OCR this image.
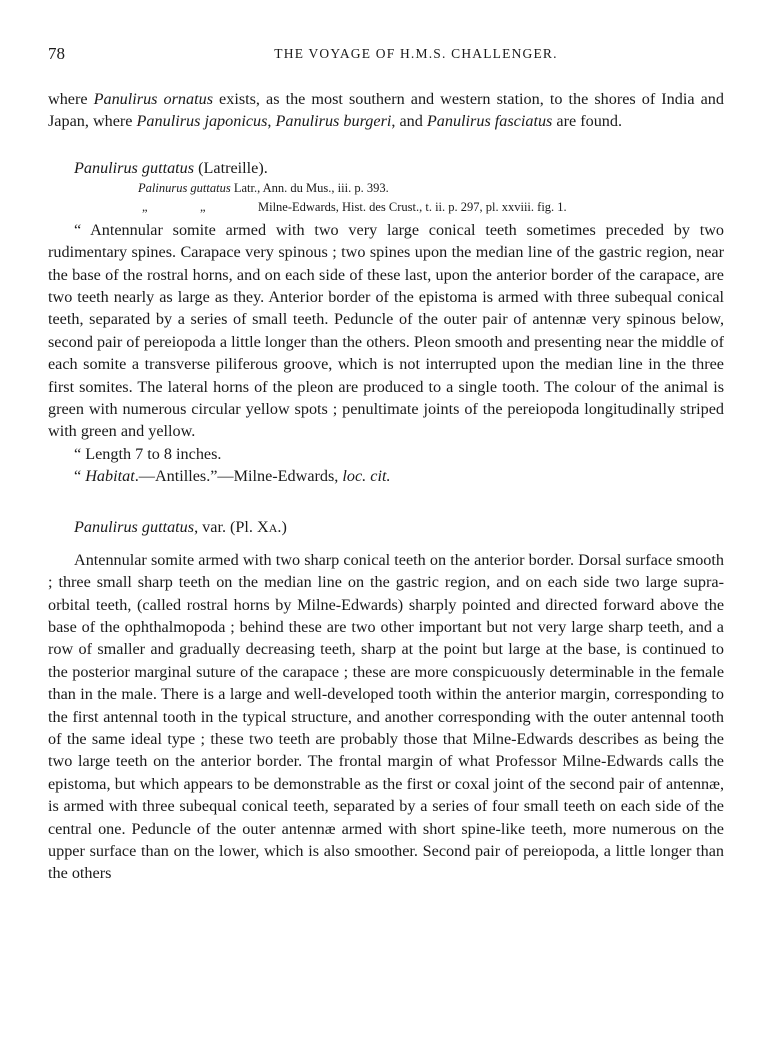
78	THE VOYAGE OF H.M.S. CHALLENGER.

where Panulirus ornatus exists, as the most southern and western station, to the shores of India and Japan, where Panulirus japonicus, Panulirus burgeri, and Panulirus fasciatus are found.

Panulirus guttatus (Latreille).

Palinurus guttatus Latr., Ann. du Mus., iii. p. 393.

„	„	Milne-Edwards, Hist. des Crust., t. ii. p. 297, pl. xxviii. fig. 1.

“ Antennular somite armed with two very large conical teeth sometimes preceded by two rudimentary spines. Carapace very spinous ; two spines upon the median line of the gastric region, near the base of the rostral horns, and on each side of these last, upon the anterior border of the carapace, are two teeth nearly as large as they. Anterior border of the epistoma is armed with three subequal conical teeth, separated by a series of small teeth. Peduncle of the outer pair of antennæ very spinous below, second pair of pereiopoda a little longer than the others. Pleon smooth and presenting near the middle of each somite a transverse piliferous groove, which is not interrupted upon the median line in the three first somites. The lateral horns of the pleon are produced to a single tooth. The colour of the animal is green with numerous circular yellow spots ; penultimate joints of the pereiopoda longitudinally striped with green and yellow.

“ Length 7 to 8 inches.

“ Habitat.—Antilles.”—Milne-Edwards, loc. cit.

Panulirus guttatus, var. (Pl. XA.)

Antennular somite armed with two sharp conical teeth on the anterior border. Dorsal surface smooth ; three small sharp teeth on the median line on the gastric region, and on each side two large supra-orbital teeth, (called rostral horns by Milne-Edwards) sharply pointed and directed forward above the base of the ophthalmopoda ; behind these are two other important but not very large sharp teeth, and a row of smaller and gradually decreasing teeth, sharp at the point but large at the base, is continued to the posterior marginal suture of the carapace ; these are more conspicuously determinable in the female than in the male. There is a large and well-developed tooth within the anterior margin, corresponding to the first antennal tooth in the typical structure, and another corresponding with the outer antennal tooth of the same ideal type ; these two teeth are probably those that Milne-Edwards describes as being the two large teeth on the anterior border. The frontal margin of what Professor Milne-Edwards calls the epistoma, but which appears to be demonstrable as the first or coxal joint of the second pair of antennæ, is armed with three subequal conical teeth, separated by a series of four small teeth on each side of the central one. Peduncle of the outer antennæ armed with short spine-like teeth, more numerous on the upper surface than on the lower, which is also smoother. Second pair of pereiopoda, a little longer than the others
